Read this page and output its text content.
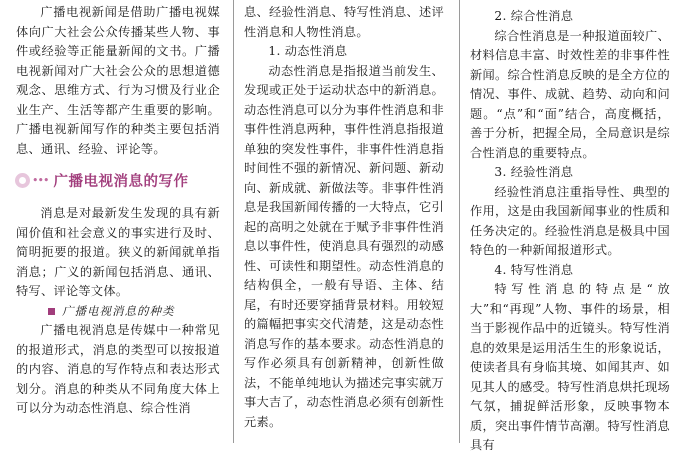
广播电视新闻是借助广播电视媒体向广大社会公众传播某些人物、事件或经验等正能量新闻的文书。广播电视新闻对广大社会公众的思想道德观念、思维方式、行为习惯及行业企业生产、生活等都产生重要的影响。广播电视新闻写作的种类主要包括消息、通讯、经验、评论等。

••• 广播电视消息的写作

消息是对最新发生发现的具有新闻价值和社会意义的事实进行及时、简明扼要的报道。狭义的新闻就单指消息；广义的新闻包括消息、通讯、特写、评论等文体。

广播电视消息的种类

广播电视消息是传媒中一种常见的报道形式，消息的类型可以按报道的内容、消息的写作特点和表达形式划分。消息的种类从不同角度大体上可以分为动态性消息、综合性消

息、经验性消息、特写性消息、述评性消息和人物性消息。

1. 动态性消息

动态性消息是指报道当前发生、发现或正处于运动状态中的新消息。动态性消息可以分为事件性消息和非事件性消息两种，事件性消息指报道单独的突发性事件，非事件性消息指时间性不强的新情况、新问题、新动向、新成就、新做法等。非事件性消息是我国新闻传播的一大特点，它引起的高明之处就在于赋予非事件性消息以事件性，使消息具有强烈的动感性、可读性和期望性。动态性消息的结构俱全，一般有导语、主体、结尾，有时还要穿插背景材料。用较短的篇幅把事实交代清楚，这是动态性消息写作的基本要求。动态性消息的写作必须具有创新精神，创新性做法，不能单纯地认为描述完事实就万事大吉了，动态性消息必须有创新性元素。

2. 综合性消息

综合性消息是一种报道面较广、材料信息丰富、时效性差的非事件性新闻。综合性消息反映的是全方位的情况、事件、成就、趋势、动向和问题。“点”和“面”结合，高度概括，善于分析，把握全局，全局意识是综合性消息的重要特点。

3. 经验性消息

经验性消息注重指导性、典型的作用，这是由我国新闻事业的性质和任务决定的。经验性消息是极具中国特色的一种新闻报道形式。

4. 特写性消息

特写性消息的特点是“放大”和“再现”人物、事件的场景，相当于影视作品中的近镜头。特写性消息的效果是运用活生生的形象说话，使读者具有身临其境、如闻其声、如见其人的感受。特写性消息烘托现场气氛，捕捉鲜活形象，反映事物本质，突出事件情节高潮。特写性消息具有
